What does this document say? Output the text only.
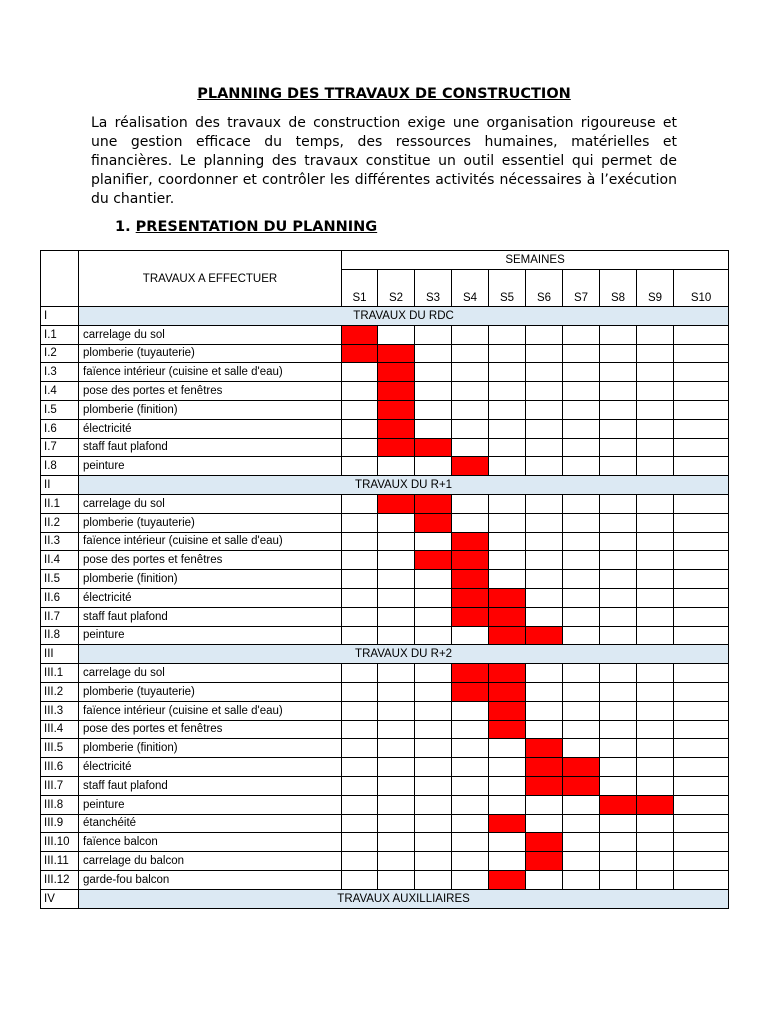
PLANNING DES TTRAVAUX DE CONSTRUCTION

La réalisation des travaux de construction exige une organisation rigoureuse et une gestion efficace du temps, des ressources humaines, matérielles et financières. Le planning des travaux constitue un outil essentiel qui permet de planifier, coordonner et contrôler les différentes activités nécessaires à l’exécution du chantier.

1. PRESENTATION DU PLANNING
	TRAVAUX A EFFECTUER	SEMAINES									
		S1	S2	S3	S4	S5	S6	S7	S8	S9	S10
I	TRAVAUX DU RDC										
I.1	carrelage du sol										
I.2	plomberie (tuyauterie)										
I.3	faïence intérieur (cuisine et salle d'eau)										
I.4	pose des portes et fenêtres										
I.5	plomberie (finition)										
I.6	électricité										
I.7	staff faut plafond										
I.8	peinture										
II	TRAVAUX DU R+1										
II.1	carrelage du sol										
II.2	plomberie (tuyauterie)										
II.3	faïence intérieur (cuisine et salle d'eau)										
II.4	pose des portes et fenêtres										
II.5	plomberie (finition)										
II.6	électricité										
II.7	staff faut plafond										
II.8	peinture										
III	TRAVAUX DU R+2										
III.1	carrelage du sol										
III.2	plomberie (tuyauterie)										
III.3	faïence intérieur (cuisine et salle d'eau)										
III.4	pose des portes et fenêtres										
III.5	plomberie (finition)										
III.6	électricité										
III.7	staff faut plafond										
III.8	peinture										
III.9	étanchéité										
III.10	faïence balcon										
III.11	carrelage du balcon										
III.12	garde-fou balcon										
IV	TRAVAUX AUXILLIAIRES										
